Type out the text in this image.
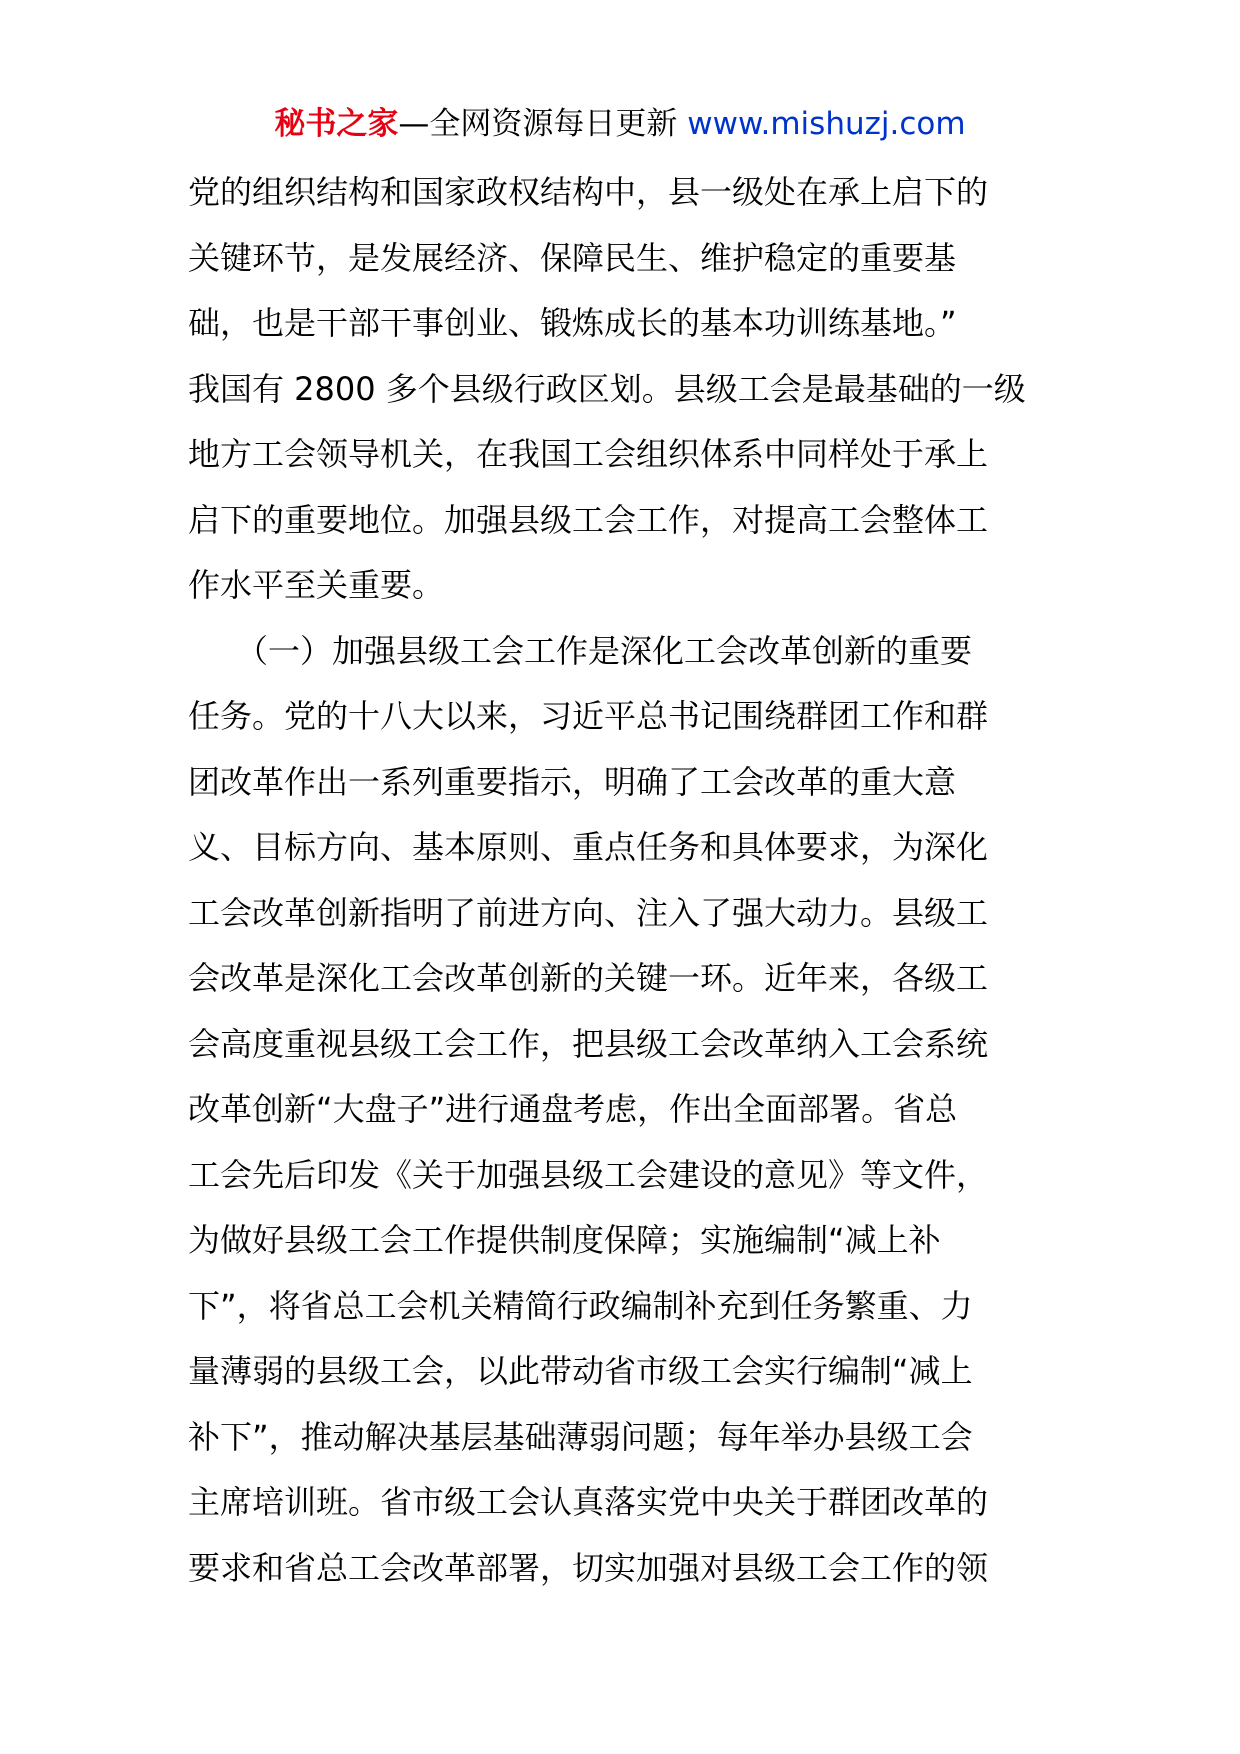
秘书之家—全网资源每日更新 www.mishuzj.com
党的组织结构和国家政权结构中，县一级处在承上启下的
关键环节，是发展经济、保障民生、维护稳定的重要基
础，也是干部干事创业、锻炼成长的基本功训练基地。”
我国有 2800 多个县级行政区划。县级工会是最基础的一级
地方工会领导机关，在我国工会组织体系中同样处于承上
启下的重要地位。加强县级工会工作，对提高工会整体工
作水平至关重要。
　　（一）加强县级工会工作是深化工会改革创新的重要
任务。党的十八大以来，习近平总书记围绕群团工作和群
团改革作出一系列重要指示，明确了工会改革的重大意
义、目标方向、基本原则、重点任务和具体要求，为深化
工会改革创新指明了前进方向、注入了强大动力。县级工
会改革是深化工会改革创新的关键一环。近年来，各级工
会高度重视县级工会工作，把县级工会改革纳入工会系统
改革创新“大盘子”进行通盘考虑，作出全面部署。省总
工会先后印发《关于加强县级工会建设的意见》等文件，
为做好县级工会工作提供制度保障；实施编制“减上补
下”，将省总工会机关精简行政编制补充到任务繁重、力
量薄弱的县级工会，以此带动省市级工会实行编制“减上
补下”，推动解决基层基础薄弱问题；每年举办县级工会
主席培训班。省市级工会认真落实党中央关于群团改革的
要求和省总工会改革部署，切实加强对县级工会工作的领
